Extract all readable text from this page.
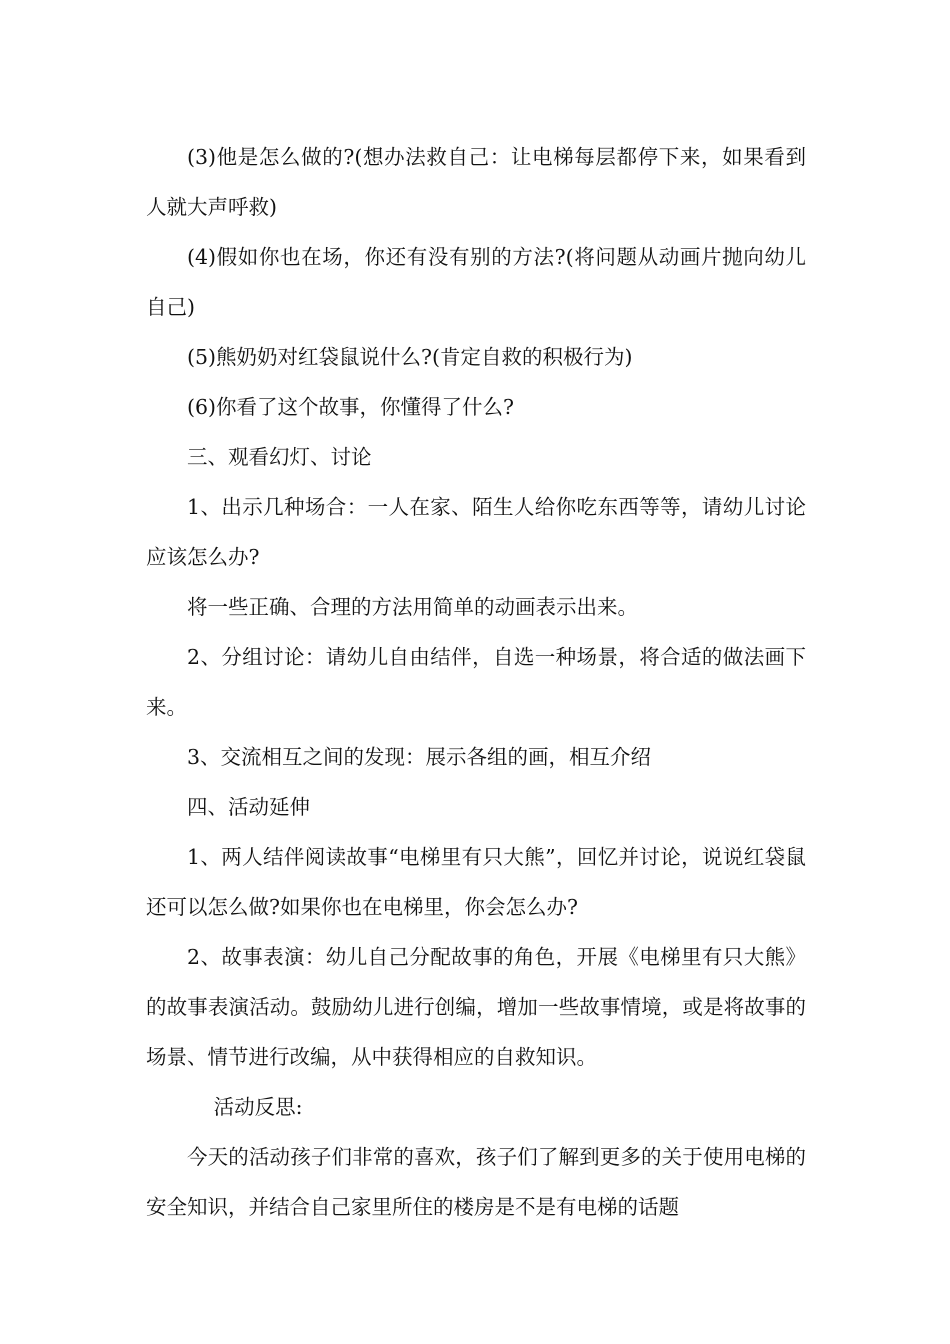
(3)他是怎么做的?(想办法救自己：让电梯每层都停下来，如果看到人就大声呼救)

(4)假如你也在场，你还有没有别的方法?(将问题从动画片抛向幼儿自己)

(5)熊奶奶对红袋鼠说什么?(肯定自救的积极行为)

(6)你看了这个故事，你懂得了什么?

三、观看幻灯、讨论

1、出示几种场合：一人在家、陌生人给你吃东西等等，请幼儿讨论应该怎么办?

将一些正确、合理的方法用简单的动画表示出来。

2、分组讨论：请幼儿自由结伴，自选一种场景，将合适的做法画下来。

3、交流相互之间的发现：展示各组的画，相互介绍

四、活动延伸

1、两人结伴阅读故事“电梯里有只大熊”，回忆并讨论，说说红袋鼠还可以怎么做?如果你也在电梯里，你会怎么办?

2、故事表演：幼儿自己分配故事的角色，开展《电梯里有只大熊》的故事表演活动。鼓励幼儿进行创编，增加一些故事情境，或是将故事的场景、情节进行改编，从中获得相应的自救知识。

活动反思:

今天的活动孩子们非常的喜欢，孩子们了解到更多的关于使用电梯的安全知识，并结合自己家里所住的楼房是不是有电梯的话题
